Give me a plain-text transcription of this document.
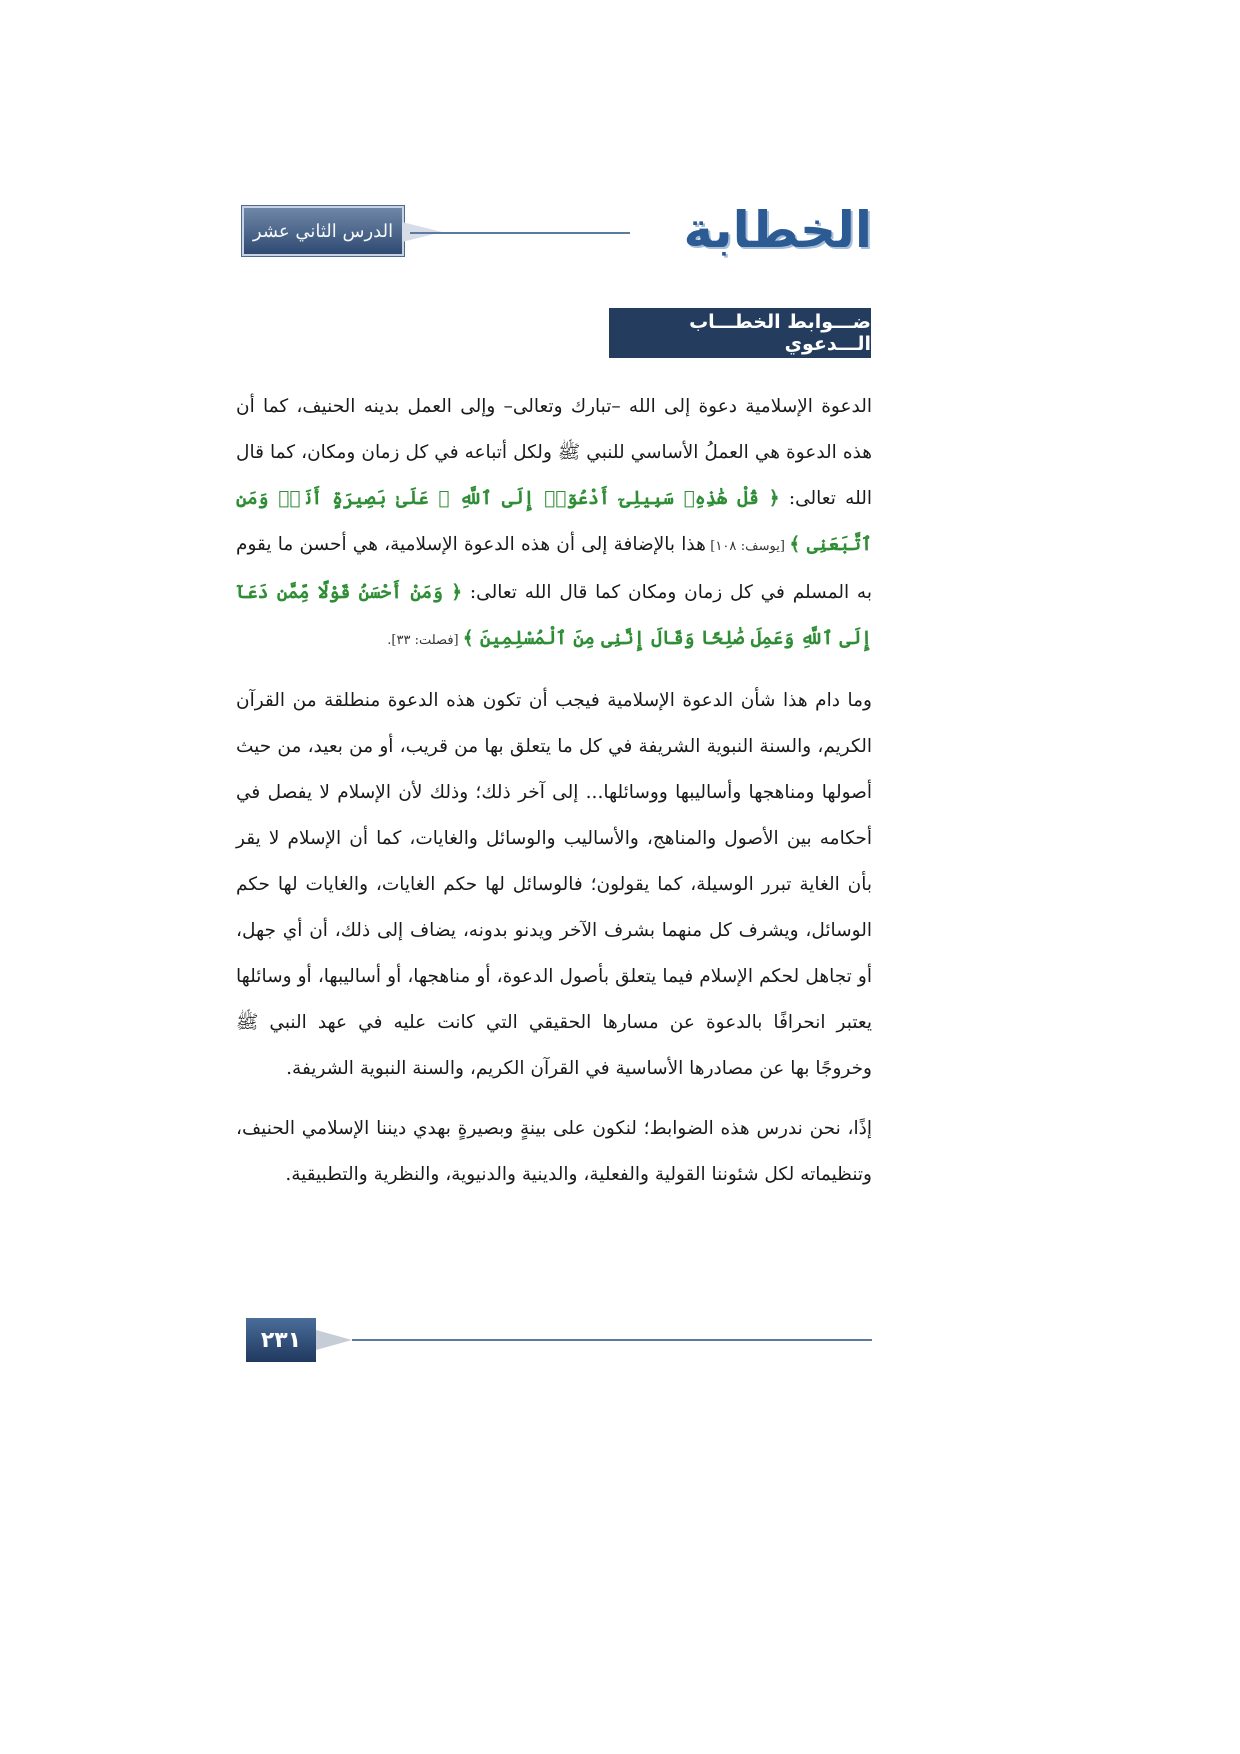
الدرس الثاني عشر	الخطابة
ضـــوابط الخطـــاب الـــدعوي

الدعوة الإسلامية دعوة إلى الله –تبارك وتعالى– وإلى العمل بدينه الحنيف، كما أن هذه الدعوة هي العملُ الأساسي للنبي ﷺ ولكل أتباعه في كل زمان ومكان، كما قال الله تعالى: ﴿ قُلْ هَٰذِهِۦ سَبِيلِىٓ أَدْعُوٓا۟ إِلَى ٱللَّهِ ۚ عَلَىٰ بَصِيرَةٍ أَنَا۠ وَمَنِ ٱتَّبَعَنِى ﴾ [يوسف: ١٠٨] هذا بالإضافة إلى أن هذه الدعوة الإسلامية، هي أحسن ما يقوم به المسلم في كل زمان ومكان كما قال الله تعالى: ﴿ وَمَنْ أَحْسَنُ قَوْلًا مِّمَّن دَعَآ إِلَى ٱللَّهِ وَعَمِلَ صَٰلِحًا وَقَالَ إِنَّنِى مِنَ ٱلْمُسْلِمِينَ ﴾ [فصلت: ٣٣].

وما دام هذا شأن الدعوة الإسلامية فيجب أن تكون هذه الدعوة منطلقة من القرآن الكريم، والسنة النبوية الشريفة في كل ما يتعلق بها من قريب، أو من بعيد، من حيث أصولها ومناهجها وأساليبها ووسائلها... إلى آخر ذلك؛ وذلك لأن الإسلام لا يفصل في أحكامه بين الأصول والمناهج، والأساليب والوسائل والغايات، كما أن الإسلام لا يقر بأن الغاية تبرر الوسيلة، كما يقولون؛ فالوسائل لها حكم الغايات، والغايات لها حكم الوسائل، ويشرف كل منهما بشرف الآخر ويدنو بدونه، يضاف إلى ذلك، أن أي جهل، أو تجاهل لحكم الإسلام فيما يتعلق بأصول الدعوة، أو مناهجها، أو أساليبها، أو وسائلها يعتبر انحرافًا بالدعوة عن مسارها الحقيقي التي كانت عليه في عهد النبي ﷺ وخروجًا بها عن مصادرها الأساسية في القرآن الكريم، والسنة النبوية الشريفة.

إذًا، نحن ندرس هذه الضوابط؛ لنكون على بينةٍ وبصيرةٍ بهدي ديننا الإسلامي الحنيف، وتنظيماته لكل شئوننا القولية والفعلية، والدينية والدنيوية، والنظرية والتطبيقية.

٢٣١
